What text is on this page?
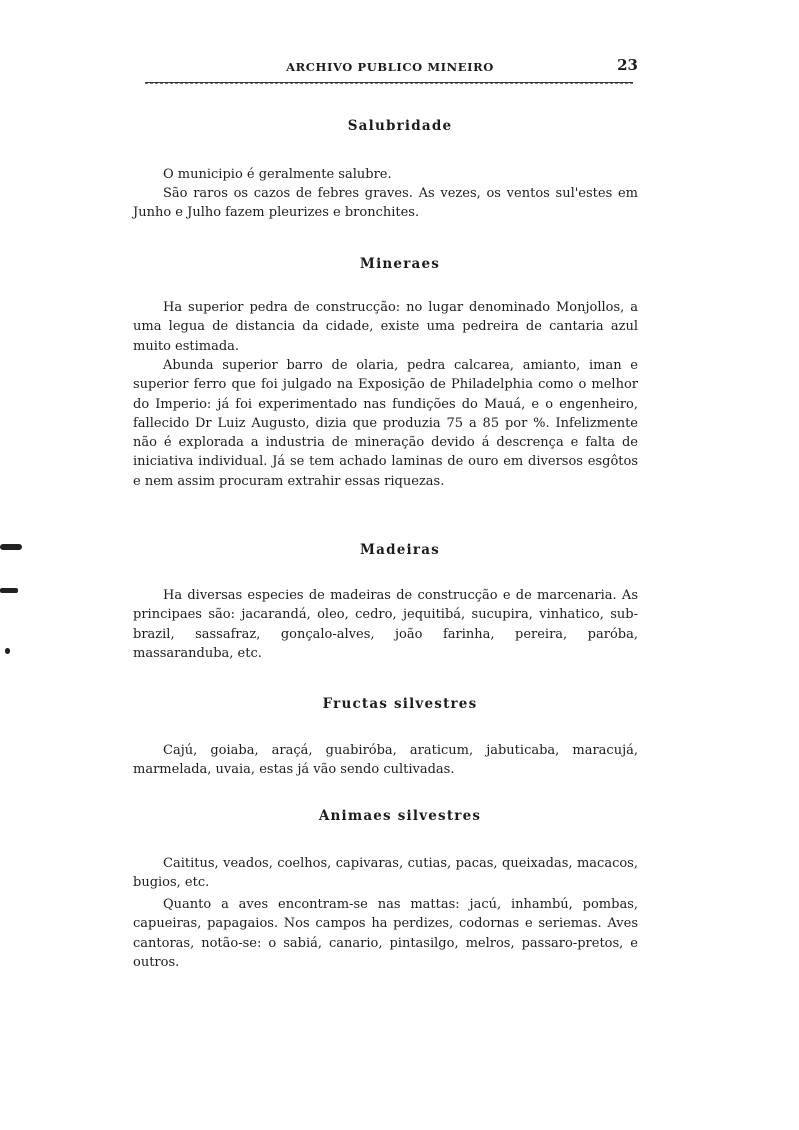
ARCHIVO PUBLICO MINEIRO	23
Salubridade
O municipio é geralmente salubre.
São raros os cazos de febres graves. As vezes, os ventos sul'estes em Junho e Julho fazem pleurizes e bronchites.
Mineraes
Ha superior pedra de construcção: no lugar denominado Monjollos, a uma legua de distancia da cidade, existe uma pedreira de cantaria azul muito estimada.
Abunda superior barro de olaria, pedra calcarea, amianto, iman e superior ferro que foi julgado na Exposição de Philadelphia como o melhor do Imperio: já foi experimentado nas fundições do Mauá, e o engenheiro, fallecido Dr Luiz Augusto, dizia que produzia 75 a 85 por %. Infelizmente não é explorada a industria de mineração devido á descrença e falta de iniciativa individual. Já se tem achado laminas de ouro em diversos esgôtos e nem assim procuram extrahir essas riquezas.
Madeiras
Ha diversas especies de madeiras de construcção e de marcenaria. As principaes são: jacarandá, oleo, cedro, jequitibá, sucupira, vinhatico, sub-brazil, sassafraz, gonçalo-alves, joão farinha, pereira, paróba, massaranduba, etc.
Fructas silvestres
Cajú, goiaba, araçá, guabiróba, araticum, jabuticaba, maracujá, marmelada, uvaia, estas já vão sendo cultivadas.
Animaes silvestres
Caititus, veados, coelhos, capivaras, cutias, pacas, queixadas, macacos, bugios, etc.
Quanto a aves encontram-se nas mattas: jacú, inhambú, pombas, capueiras, papagaios. Nos campos ha perdizes, codornas e seriemas. Aves cantoras, notão-se: o sabiá, canario, pintasilgo, melros, passaro-pretos, e outros.
